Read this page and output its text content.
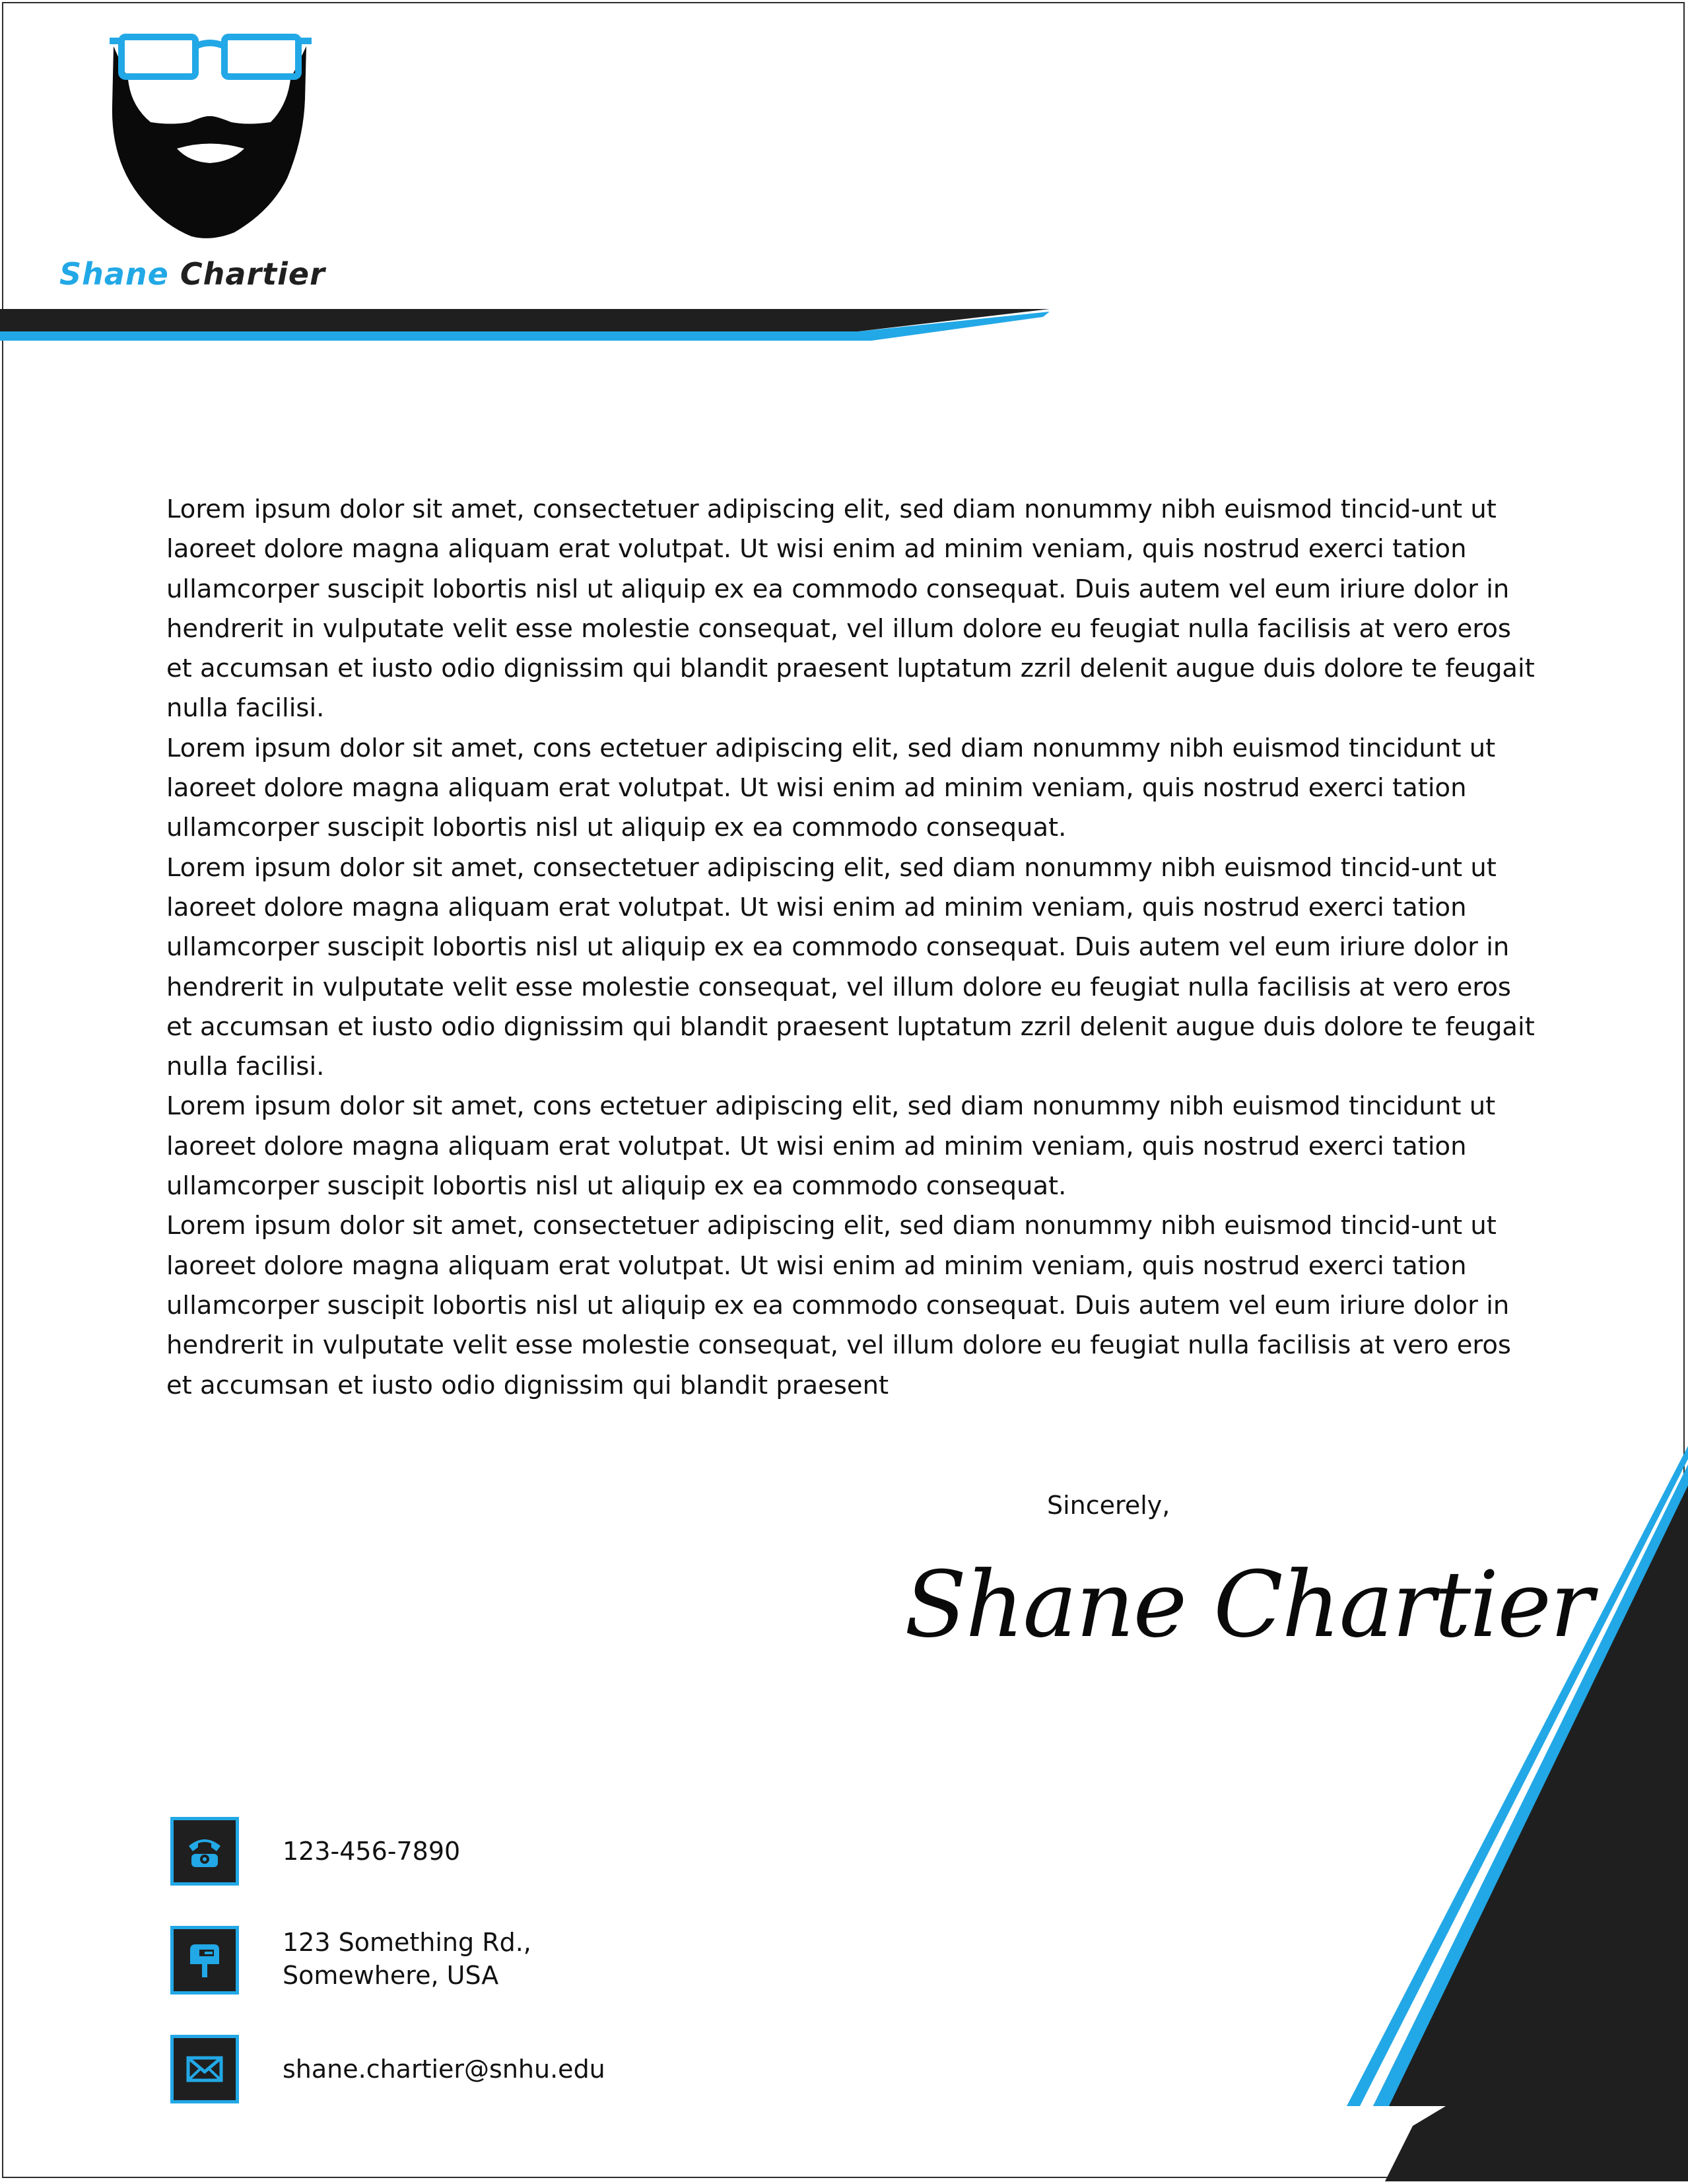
Shane Chartier

Lorem ipsum dolor sit amet, consectetuer adipiscing elit, sed diam nonummy nibh euismod tincid-unt ut laoreet dolore magna aliquam erat volutpat. Ut wisi enim ad minim veniam, quis nostrud exerci tation ullamcorper suscipit lobortis nisl ut aliquip ex ea commodo consequat. Duis autem vel eum iriure dolor in hendrerit in vulputate velit esse molestie consequat, vel illum dolore eu feugiat nulla facilisis at vero eros et accumsan et iusto odio dignissim qui blandit praesent luptatum zzril delenit augue duis dolore te feugait nulla facilisi.

Lorem ipsum dolor sit amet, cons ectetuer adipiscing elit, sed diam nonummy nibh euismod tincidunt ut laoreet dolore magna aliquam erat volutpat. Ut wisi enim ad minim veniam, quis nostrud exerci tation ullamcorper suscipit lobortis nisl ut aliquip ex ea commodo consequat.

Lorem ipsum dolor sit amet, consectetuer adipiscing elit, sed diam nonummy nibh euismod tincid-unt ut laoreet dolore magna aliquam erat volutpat. Ut wisi enim ad minim veniam, quis nostrud exerci tation ullamcorper suscipit lobortis nisl ut aliquip ex ea commodo consequat. Duis autem vel eum iriure dolor in hendrerit in vulputate velit esse molestie consequat, vel illum dolore eu feugiat nulla facilisis at vero eros et accumsan et iusto odio dignissim qui blandit praesent luptatum zzril delenit augue duis dolore te feugait nulla facilisi.

Lorem ipsum dolor sit amet, cons ectetuer adipiscing elit, sed diam nonummy nibh euismod tincidunt ut laoreet dolore magna aliquam erat volutpat. Ut wisi enim ad minim veniam, quis nostrud exerci tation ullamcorper suscipit lobortis nisl ut aliquip ex ea commodo consequat.

Lorem ipsum dolor sit amet, consectetuer adipiscing elit, sed diam nonummy nibh euismod tincid-unt ut laoreet dolore magna aliquam erat volutpat. Ut wisi enim ad minim veniam, quis nostrud exerci tation ullamcorper suscipit lobortis nisl ut aliquip ex ea commodo consequat. Duis autem vel eum iriure dolor in hendrerit in vulputate velit esse molestie consequat, vel illum dolore eu feugiat nulla facilisis at vero eros et accumsan et iusto odio dignissim qui blandit praesent

Sincerely,
Shane Chartier
123-456-7890
123 Something Rd.,
Somewhere, USA
shane.chartier@snhu.edu
